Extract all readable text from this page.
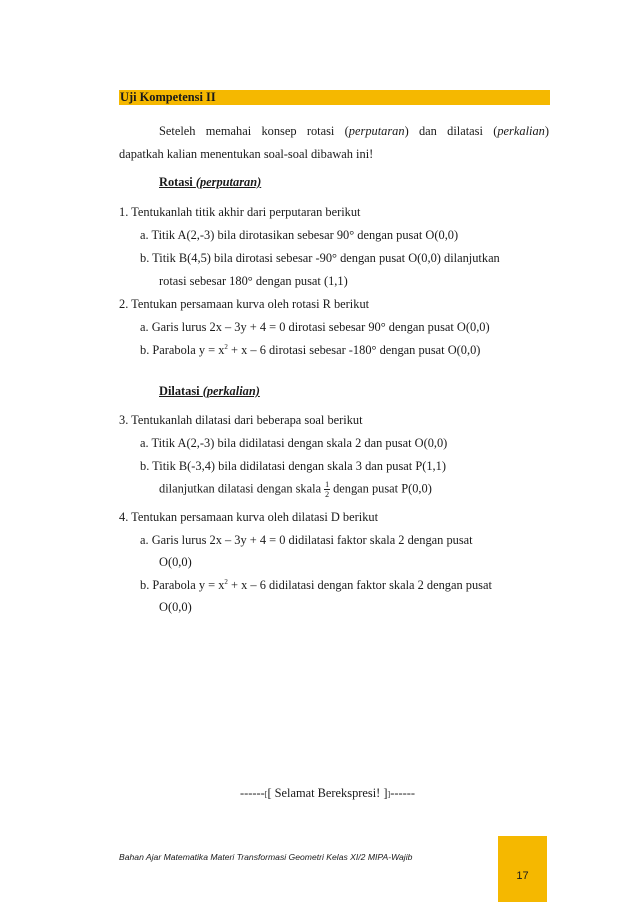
Uji Kompetensi II
Seteleh memahai konsep rotasi (perputaran) dan dilatasi (perkalian)
dapatkah kalian menentukan soal-soal dibawah ini!
Rotasi (perputaran)
1. Tentukanlah titik akhir dari perputaran berikut
a. Titik A(2,-3) bila dirotasikan sebesar 90° dengan pusat O(0,0)
b. Titik B(4,5) bila dirotasi sebesar -90° dengan pusat O(0,0) dilanjutkan
rotasi sebesar 180° dengan pusat (1,1)
2. Tentukan persamaan kurva oleh rotasi R berikut
a. Garis lurus 2x – 3y + 4 = 0 dirotasi sebesar 90° dengan pusat O(0,0)
b. Parabola $y = x^2 + x - 6$ dirotasi sebesar -180° dengan pusat O(0,0)
Dilatasi (perkalian)
3. Tentukanlah dilatasi dari beberapa soal berikut
a. Titik A(2,-3) bila didilatasi dengan skala 2 dan pusat O(0,0)
b. Titik B(-3,4) bila didilatasi dengan skala 3 dan pusat P(1,1)
dilanjutkan dilatasi dengan skala $\frac{1}{2}$ dengan pusat P(0,0)
4. Tentukan persamaan kurva oleh dilatasi D berikut
a. Garis lurus 2x – 3y + 4 = 0 didilatasi faktor skala 2 dengan pusat
O(0,0)
b. Parabola $y = x^2 + x - 6$ didilatasi dengan faktor skala 2 dengan pusat
O(0,0)
------[[ Selamat Berekspresi! ]]------
Bahan Ajar Matematika Materi Transformasi Geometri Kelas XI/2 MIPA-Wajib
17
